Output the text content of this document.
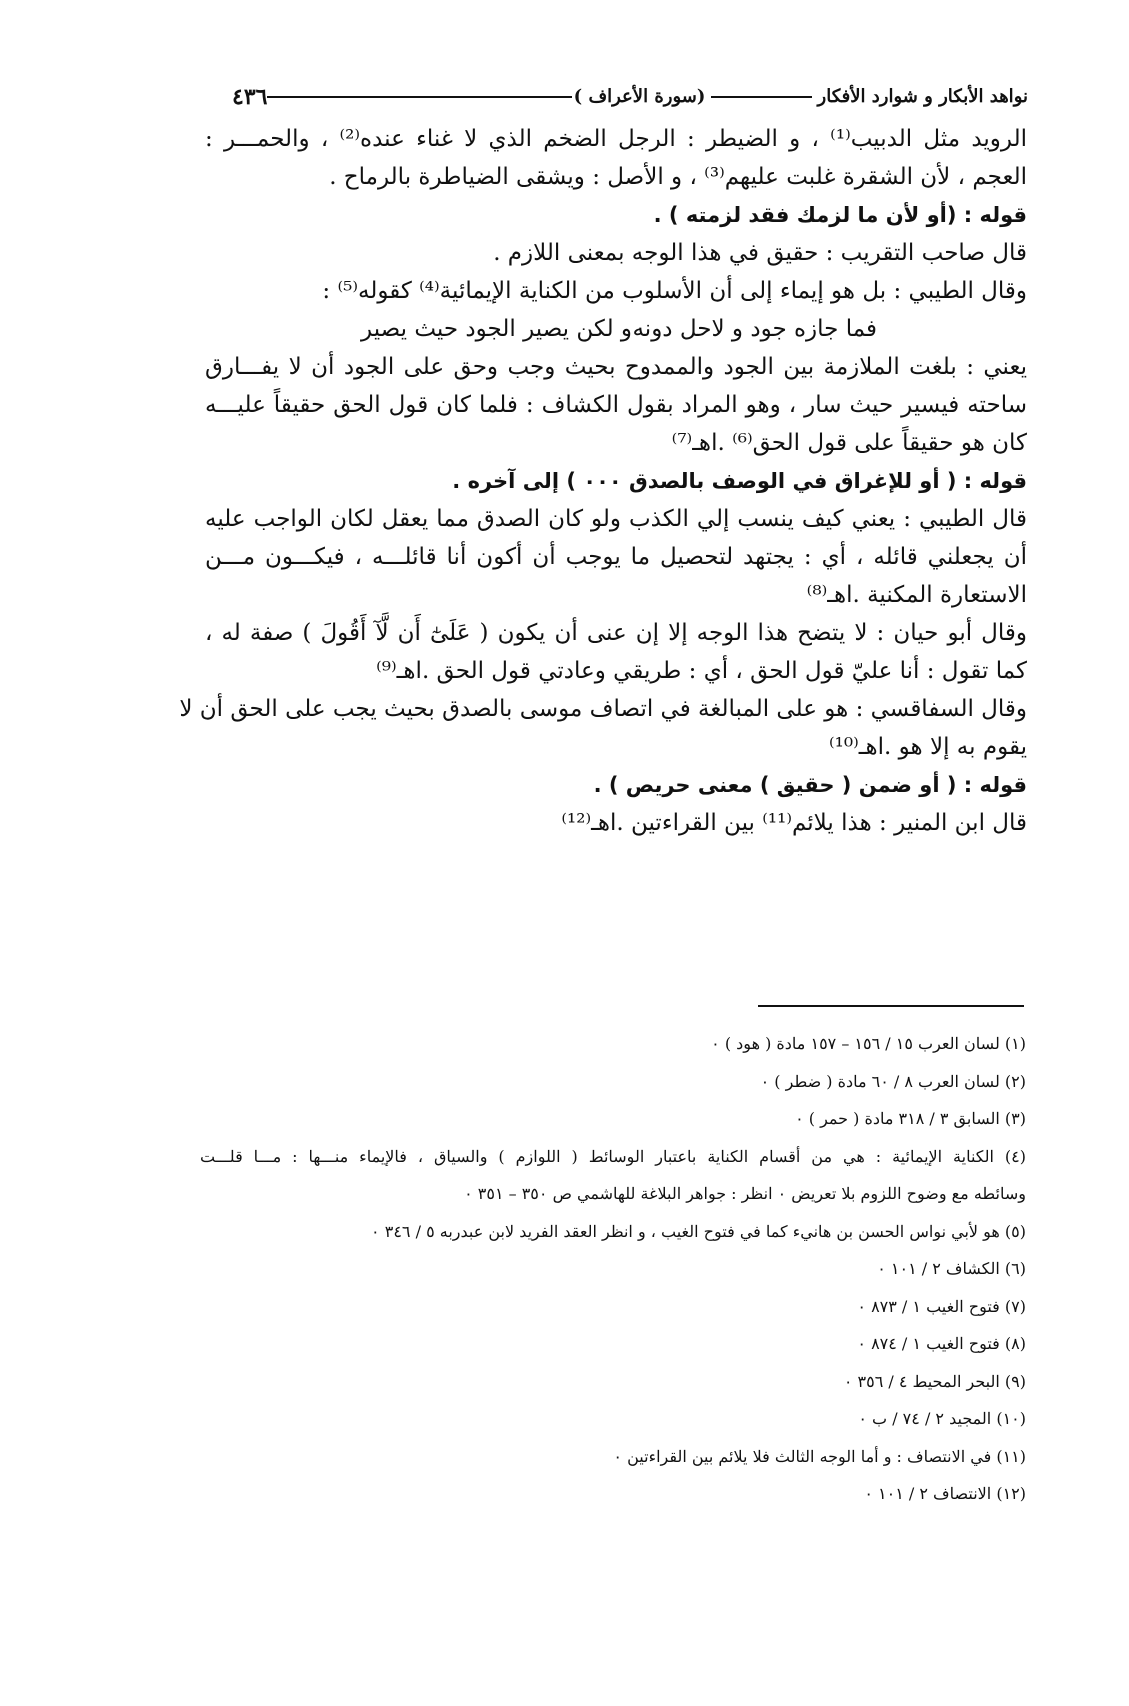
٤٣٦	( سورة الأعراف)	نواهد الأبكار و شوارد الأفكار
الرويد مثل الدبيب⁽¹⁾ ، و الضيطر : الرجل الضخم الذي لا غناء عنده⁽²⁾ ، والحمـــر :
العجم ، لأن الشقرة غلبت عليهم⁽³⁾ ، و الأصل : ويشقى الضياطرة بالرماح .
قوله : (أو لأن ما لزمك فقد لزمته ) .
قال صاحب التقريب : حقيق في هذا الوجه بمعنى اللازم .
وقال الطيبي : بل هو إيماء إلى أن الأسلوب من الكناية الإيمائية⁽⁴⁾ كقوله⁽⁵⁾ :
فما جازه جود و لاحل دونه
و لكن يصير الجود حيث يصير
يعني : بلغت الملازمة بين الجود والممدوح بحيث وجب وحق على الجود أن لا يفـــارق
ساحته فيسير حيث سار ، وهو المراد بقول الكشاف : فلما كان قول الحق حقيقاً عليـــه
كان هو حقيقاً على قول الحق⁽⁶⁾ .اهـ⁽⁷⁾
قوله : ( أو للإغراق في الوصف بالصدق ٠٠٠ ) إلى آخره .
قال الطيبي : يعني كيف ينسب إلي الكذب ولو كان الصدق مما يعقل لكان الواجب عليه
أن يجعلني قائله ، أي : يجتهد لتحصيل ما يوجب أن أكون أنا قائلـــه ، فيكـــون مـــن
الاستعارة المكنية .اهـ⁽⁸⁾
وقال أبو حيان : لا يتضح هذا الوجه إلا إن عنى أن يكون ( عَلَىٰٓ أَن لَّآ أَقُولَ ) صفة له ،
كما تقول : أنا عليّ قول الحق ، أي : طريقي وعادتي قول الحق .اهـ⁽⁹⁾
وقال السفاقسي : هو على المبالغة في اتصاف موسى بالصدق بحيث يجب على الحق أن لا
يقوم به إلا هو .اهـ⁽¹⁰⁾
قوله : ( أو ضمن ( حقيق ) معنى حريص ) .
قال ابن المنير : هذا يلائم⁽¹¹⁾ بين القراءتين .اهـ⁽¹²⁾
(١) لسان العرب ١٥ / ١٥٦ – ١٥٧ مادة ( هود ) ٠
(٢) لسان العرب ٨ / ٦٠ مادة ( ضطر ) ٠
(٣) السابق ٣ / ٣١٨ مادة ( حمر ) ٠
(٤) الكناية الإيمائية : هي من أقسام الكناية باعتبار الوسائط ( اللوازم ) والسياق ، فالإيماء منـــها : مـــا قلـــت
وسائطه مع وضوح اللزوم بلا تعريض ٠ انظر : جواهر البلاغة للهاشمي ص ٣٥٠ – ٣٥١ ٠
(٥) هو لأبي نواس الحسن بن هانيء كما في فتوح الغيب ، و انظر العقد الفريد لابن عبدربه ٥ / ٣٤٦ ٠
(٦) الكشاف ٢ / ١٠١ ٠
(٧) فتوح الغيب ١ / ٨٧٣ ٠
(٨) فتوح الغيب ١ / ٨٧٤ ٠
(٩) البحر المحيط ٤ / ٣٥٦ ٠
(١٠) المجيد ٢ / ٧٤ / ب ٠
(١١) في الانتصاف : و أما الوجه الثالث فلا يلائم بين القراءتين ٠
(١٢) الانتصاف ٢ / ١٠١ ٠
